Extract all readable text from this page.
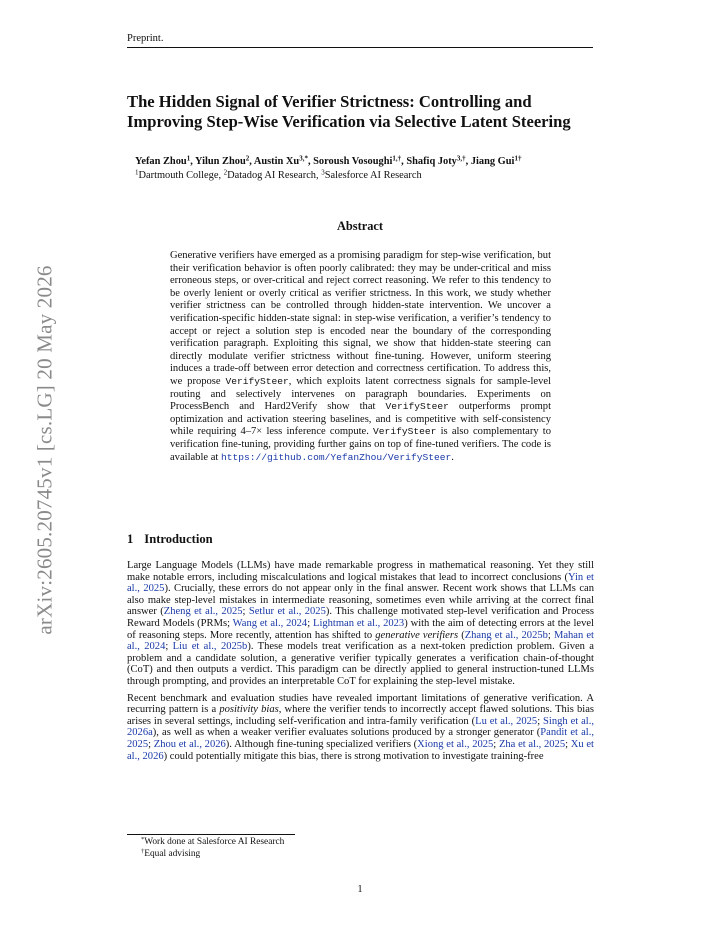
Preprint.
arXiv:2605.20745v1 [cs.LG] 20 May 2026
The Hidden Signal of Verifier Strictness: Controlling and Improving Step-Wise Verification via Selective Latent Steering
Yefan Zhou$^1$, Yilun Zhou$^2$, Austin $Xu^{3,*}$, Soroush Vosoughi$^{1,\dagger}$, Shafiq Joty$^{3,\dagger}$, Jiang Gui$^{1\dagger}$
$^1$Dartmouth College, $^2$Datadog AI Research, $^3$Salesforce AI Research
Abstract

Generative verifiers have emerged as a promising paradigm for step-wise verification, but their verification behavior is often poorly calibrated: they may be under-critical and miss erroneous steps, or over-critical and reject correct reasoning. We refer to this tendency to be overly lenient or overly critical as verifier strictness. In this work, we study whether verifier strictness can be controlled through hidden-state intervention. We uncover a verification-specific hidden-state signal: in step-wise verification, a verifier’s tendency to accept or reject a solution step is encoded near the boundary of the corresponding verification paragraph. Exploiting this signal, we show that hidden-state steering can directly modulate verifier strictness without fine-tuning. However, uniform steering induces a trade-off between error detection and correctness certification. To address this, we propose VerifySteer, which exploits latent correctness signals for sample-level routing and selectively intervenes on paragraph boundaries. Experiments on ProcessBench and Hard2Verify show that VerifySteer outperforms prompt optimization and activation steering baselines, and is competitive with self-consistency while requiring 4–7× less inference compute. VerifySteer is also complementary to verification fine-tuning, providing further gains on top of fine-tuned verifiers. The code is available at https://github.com/YefanZhou/VerifySteer.

1 Introduction

Large Language Models (LLMs) have made remarkable progress in mathematical reasoning. Yet they still make notable errors, including miscalculations and logical mistakes that lead to incorrect conclusions (Yin et al., 2025). Crucially, these errors do not appear only in the final answer. Recent work shows that LLMs can also make step-level mistakes in intermediate reasoning, sometimes even while arriving at the correct final answer (Zheng et al., 2025; Setlur et al., 2025). This challenge motivated step-level verification and Process Reward Models (PRMs; Wang et al., 2024; Lightman et al., 2023) with the aim of detecting errors at the level of reasoning steps. More recently, attention has shifted to generative verifiers (Zhang et al., 2025b; Mahan et al., 2024; Liu et al., 2025b). These models treat verification as a next-token prediction problem. Given a problem and a candidate solution, a generative verifier typically generates a verification chain-of-thought (CoT) and then outputs a verdict. This paradigm can be directly applied to general instruction-tuned LLMs through prompting, and provides an interpretable CoT for explaining the step-level mistake.

Recent benchmark and evaluation studies have revealed important limitations of generative verification. A recurring pattern is a positivity bias, where the verifier tends to incorrectly accept flawed solutions. This bias arises in several settings, including self-verification and intra-family verification (Lu et al., 2025; Singh et al., 2026a), as well as when a weaker verifier evaluates solutions produced by a stronger generator (Pandit et al., 2025; Zhou et al., 2026). Although fine-tuning specialized verifiers (Xiong et al., 2025; Zha et al., 2025; Xu et al., 2026) could potentially mitigate this bias, there is strong motivation to investigate training-free

*Work done at Salesforce AI Research
†Equal advising
1
